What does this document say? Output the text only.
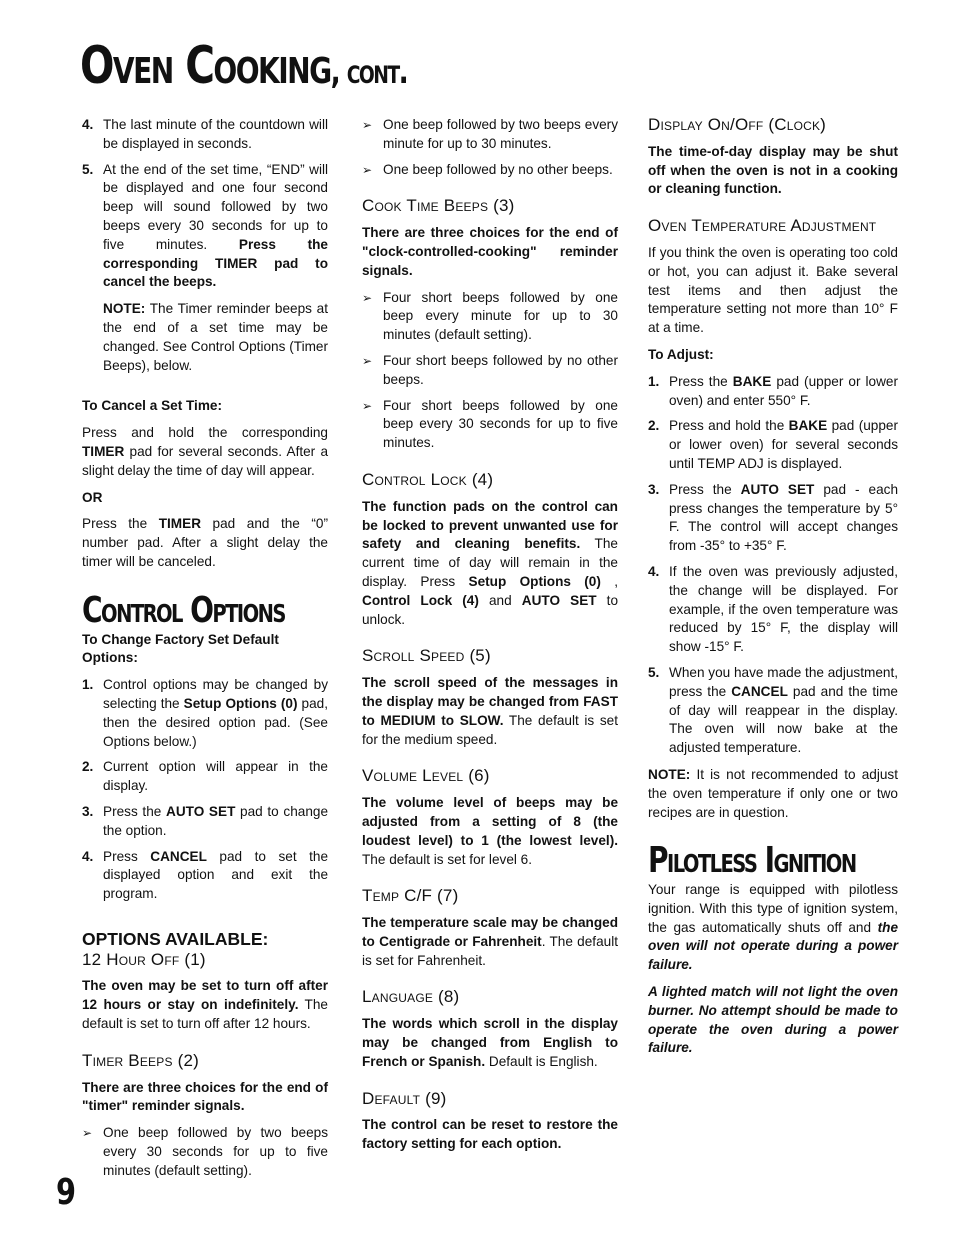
Oven Cooking, cont.
4. The last minute of the countdown will be displayed in seconds.
5. At the end of the set time, “END” will be displayed and one four second beep will sound followed by two beeps every 30 seconds for up to five minutes. Press the corresponding TIMER pad to cancel the beeps.

NOTE: The Timer reminder beeps at the end of a set time may be changed. See Control Options (Timer Beeps), below.

To Cancel a Set Time:

Press and hold the corresponding TIMER pad for several seconds. After a slight delay the time of day will appear.

OR

Press the TIMER pad and the “0” number pad. After a slight delay the timer will be canceled.

Control Options
To Change Factory Set Default Options:
1. Control options may be changed by selecting the Setup Options (0) pad, then the desired option pad. (See Options below.)
2. Current option will appear in the display.
3. Press the AUTO SET pad to change the option.
4. Press CANCEL pad to set the displayed option and exit the program.
OPTIONS AVAILABLE:
12 Hour Off (1)

The oven may be set to turn off after 12 hours or stay on indefinitely. The default is set to turn off after 12 hours.

Timer Beeps (2)

There are three choices for the end of "timer" reminder signals.

➢ One beep followed by two beeps every 30 seconds for up to five minutes (default setting).
➢ One beep followed by two beeps every minute for up to 30 minutes.
➢ One beep followed by no other beeps.
Cook Time Beeps (3)

There are three choices for the end of "clock-controlled-cooking" reminder signals.

➢ Four short beeps followed by one beep every minute for up to 30 minutes (default setting).
➢ Four short beeps followed by no other beeps.
➢ Four short beeps followed by one beep every 30 seconds for up to five minutes.
Control Lock (4)

The function pads on the control can be locked to prevent unwanted use for safety and cleaning benefits. The current time of day will remain in the display. Press Setup Options (0) , Control Lock (4) and AUTO SET to unlock.

Scroll Speed (5)

The scroll speed of the messages in the display may be changed from FAST to MEDIUM to SLOW. The default is set for the medium speed.

Volume Level (6)

The volume level of beeps may be adjusted from a setting of 8 (the loudest level) to 1 (the lowest level). The default is set for level 6.

Temp C/F (7)

The temperature scale may be changed to Centigrade or Fahrenheit. The default is set for Fahrenheit.

Language (8)

The words which scroll in the display may be changed from English to French or Spanish. Default is English.

Default (9)

The control can be reset to restore the factory setting for each option.

Display On/Off (Clock)

The time-of-day display may be shut off when the oven is not in a cooking or cleaning function.

Oven Temperature Adjustment

If you think the oven is operating too cold or hot, you can adjust it. Bake several test items and then adjust the temperature setting not more than 10° F at a time.

To Adjust:
1. Press the BAKE pad (upper or lower oven) and enter 550° F.
2. Press and hold the BAKE pad (upper or lower oven) for several seconds until TEMP ADJ is displayed.
3. Press the AUTO SET pad - each press changes the temperature by 5° F. The control will accept changes from -35° to +35° F.
4. If the oven was previously adjusted, the change will be displayed. For example, if the oven temperature was reduced by 15° F, the display will show -15° F.
5. When you have made the adjustment, press the CANCEL pad and the time of day will reappear in the display. The oven will now bake at the adjusted temperature.

NOTE: It is not recommended to adjust the oven temperature if only one or two recipes are in question.

Pilotless Ignition

Your range is equipped with pilotless ignition. With this type of ignition system, the gas automatically shuts off and the oven will not operate during a power failure.

A lighted match will not light the oven burner. No attempt should be made to operate the oven during a power failure.

9
